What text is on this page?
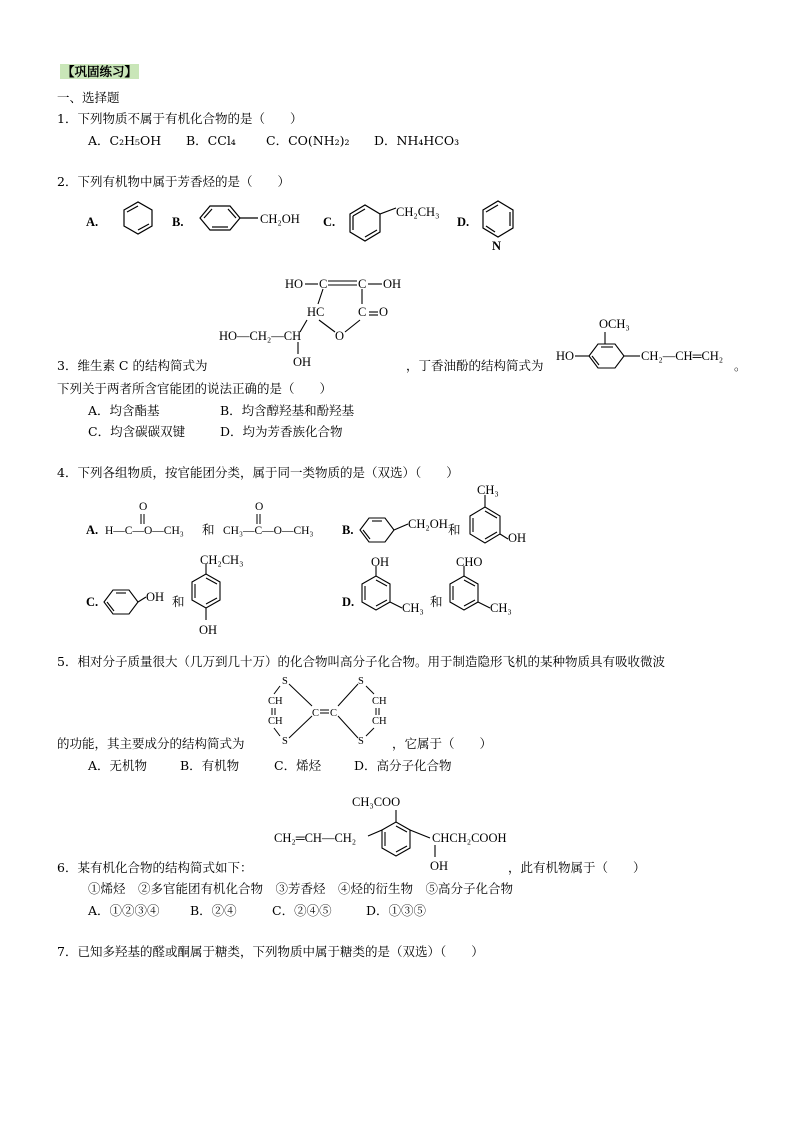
【巩固练习】
一、选择题
1．下列物质不属于有机化合物的是（　　）
A．C₂H₅OH B．CCl₄ C．CO(NH₂)₂ D．NH₄HCO₃
2．下列有机物中属于芳香烃的是（　　）
A.	B.	CH₂OH C.
CH₂CH₃
D.
N
HO C C OH
HC	C O
O
HO—CH₂—CH
OH
OCH₃
HO	CH₂—CH═CH₂
3．维生素 C 的结构简式为	，丁香油酚的结构简式为	。
下列关于两者所含官能团的说法正确的是（　　）
A．均含酯基	B．均含醇羟基和酚羟基
C．均含碳碳双键	D．均为芳香族化合物
4．下列各组物质，按官能团分类，属于同一类物质的是（双选）（　　）
A. H—C—O—CH₃
O
和 CH₃—C—O—CH₃
O
B.	CH₂OH 和
CH₃
OH
C.	OH 和
CH₂CH₃
OH
D.
OH
CH₃ 和
CHO
CH₃
5．相对分子质量很大（几万到几十万）的化合物叫高分子化合物。用于制造隐形飞机的某种物质具有吸收微波
S
CH
CH
S
C C
S
CH
CH
S
的功能，其主要成分的结构简式为	，它属于（　　）
A．无机物	B．有机物	C．烯烃	D．高分子化合物
CH₃COO
CH₂═CH—CH₂	CHCH₂COOH
OH
6．某有机化合物的结构简式如下：	，此有机物属于（　　）
①烯烃　②多官能团有机化合物　③芳香烃　④烃的衍生物　⑤高分子化合物
A．①②③④ B．②④	C．②④⑤	D．①③⑤
7．已知多羟基的醛或酮属于糖类，下列物质中属于糖类的是（双选）（　　）
